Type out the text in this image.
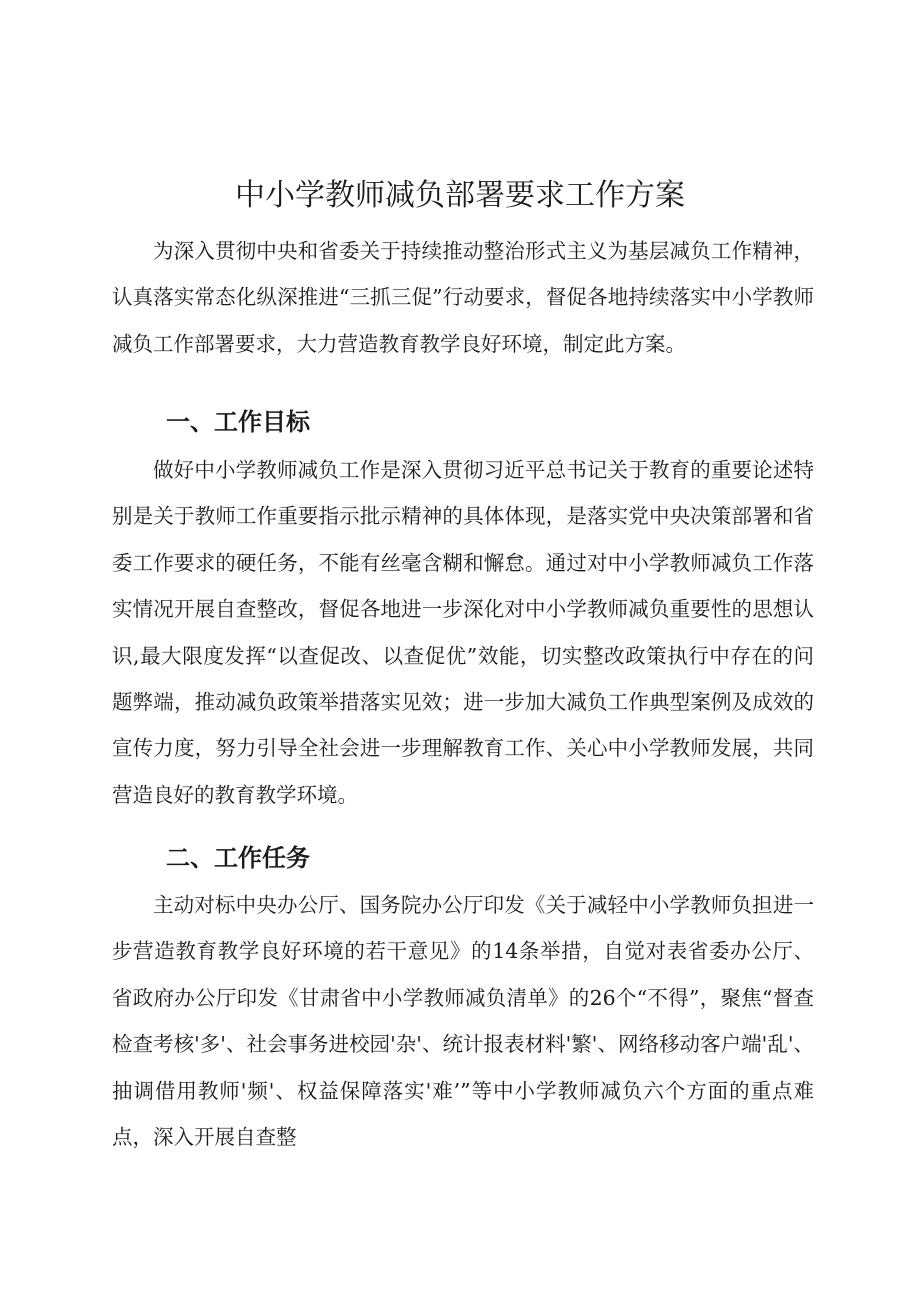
中小学教师减负部署要求工作方案

为深入贯彻中央和省委关于持续推动整治形式主义为基层减负工作精神，认真落实常态化纵深推进“三抓三促”行动要求，督促各地持续落实中小学教师减负工作部署要求，大力营造教育教学良好环境，制定此方案。

一、工作目标

做好中小学教师减负工作是深入贯彻习近平总书记关于教育的重要论述特别是关于教师工作重要指示批示精神的具体体现，是落实党中央决策部署和省委工作要求的硬任务，不能有丝毫含糊和懈怠。通过对中小学教师减负工作落实情况开展自查整改，督促各地进一步深化对中小学教师减负重要性的思想认识,最大限度发挥“以查促改、以查促优”效能，切实整改政策执行中存在的问题弊端，推动减负政策举措落实见效；进一步加大减负工作典型案例及成效的宣传力度，努力引导全社会进一步理解教育工作、关心中小学教师发展，共同营造良好的教育教学环境。

二、工作任务

主动对标中央办公厅、国务院办公厅印发《关于减轻中小学教师负担进一步营造教育教学良好环境的若干意见》的14条举措，自觉对表省委办公厅、省政府办公厅印发《甘肃省中小学教师减负清单》的26个“不得”，聚焦“督查检查考核'多'、社会事务进校园'杂'、统计报表材料'繁'、网络移动客户端'乱'、抽调借用教师'频'、权益保障落实'难’”等中小学教师减负六个方面的重点难点，深入开展自查整
